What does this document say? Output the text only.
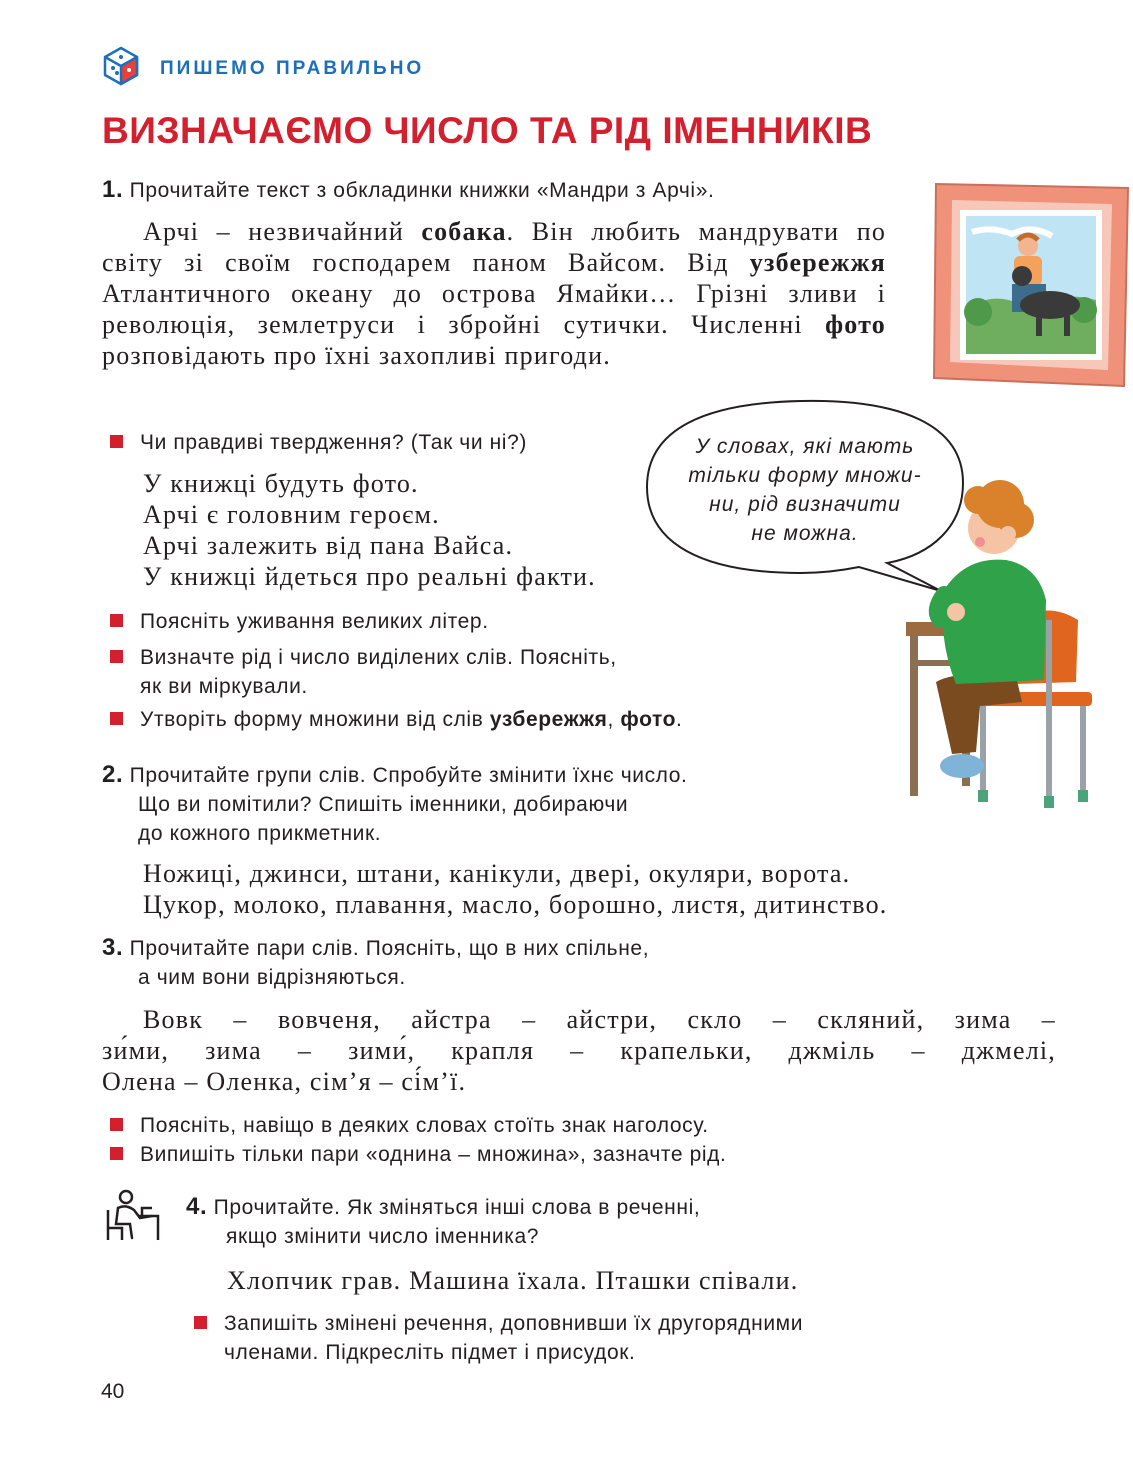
ПИШЕМО ПРАВИЛЬНО
ВИЗНАЧАЄМО ЧИСЛО ТА РІД ІМЕННИКІВ
1. Прочитайте текст з обкладинки книжки «Мандри з Арчі».
Арчі – незвичайний собака. Він любить мандрувати по світу зі своїм господарем паном Вайсом. Від узбережжя Атлантичного океану до острова Ямайки… Грізні зливи і революція, землетруси і збройні сутички. Численні фото розповідають про їхні захопливі пригоди.
У словах, які мають
тільки форму множи-
ни, рід визначити
не можна.
Чи правдиві твердження? (Так чи ні?)
У книжці будуть фото.
Арчі є головним героєм.
Арчі залежить від пана Вайса.
У книжці йдеться про реальні факти.
Поясніть уживання великих літер.
Визначте рід і число виділених слів. Поясніть,
як ви міркували.
Утворіть форму множини від слів узбережжя, фото.
2. Прочитайте групи слів. Спробуйте змінити їхнє число.
Що ви помітили? Спишіть іменники, добираючи
до кожного прикметник.
Ножиці, джинси, штани, канікули, двері, окуляри, ворота.
Цукор, молоко, плавання, масло, борошно, листя, дитинство.
3. Прочитайте пари слів. Поясніть, що в них спільне,
а чим вони відрізняються.
Вовк – вовченя, айстра – айстри, скло – скляний, зима –
зи́ми, зима – зими́, крапля – крапельки, джміль – джмелі,
Олена – Оленка, сім’я – сі́м’ї.
Поясніть, навіщо в деяких словах стоїть знак наголосу.
Випишіть тільки пари «однина – множина», зазначте рід.
4. Прочитайте. Як зміняться інші слова в реченні,
якщо змінити число іменника?
Хлопчик грав. Машина їхала. Пташки співали.
Запишіть змінені речення, доповнивши їх другорядними
членами. Підкресліть підмет і присудок.
40
